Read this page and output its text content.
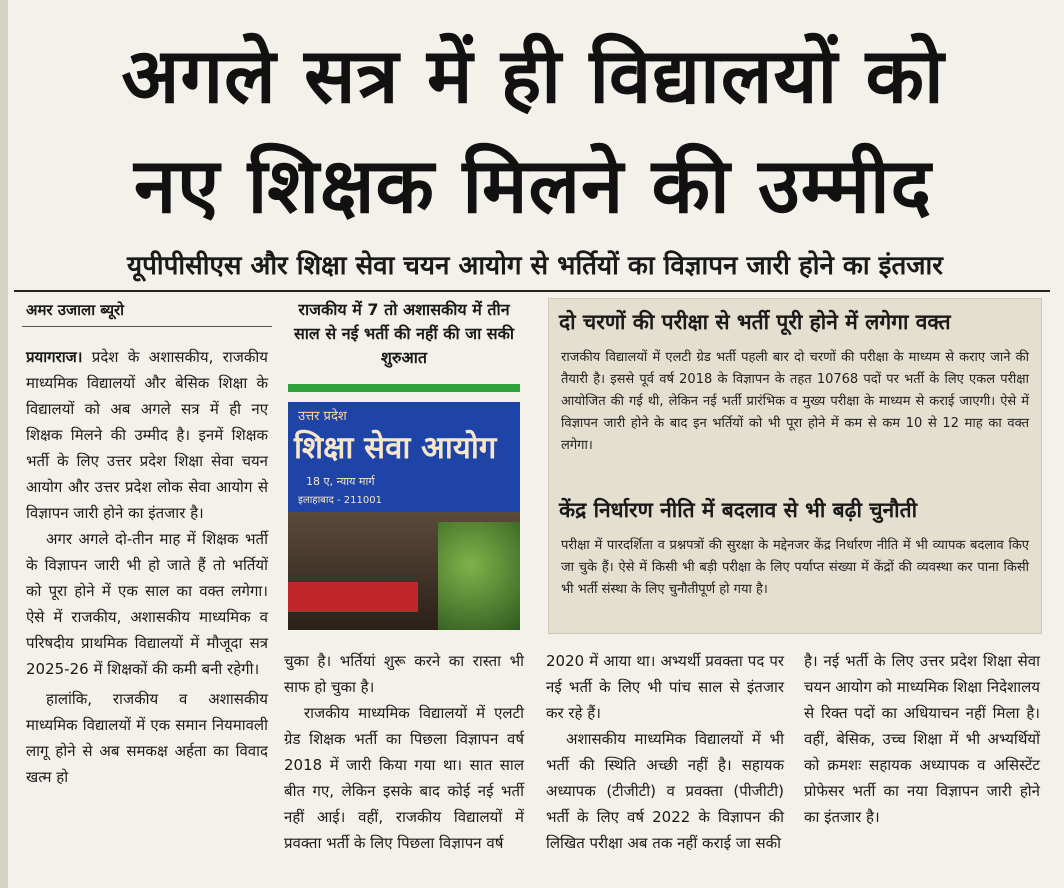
अगले सत्र में ही विद्यालयों को
नए शिक्षक मिलने की उम्मीद
यूपीपीसीएस और शिक्षा सेवा चयन आयोग से भर्तियों का विज्ञापन जारी होने का इंतजार
अमर उजाला ब्यूरो

प्रयागराज। प्रदेश के अशासकीय, राजकीय माध्यमिक विद्यालयों और बेसिक शिक्षा के विद्यालयों को अब अगले सत्र में ही नए शिक्षक मिलने की उम्मीद है। इनमें शिक्षक भर्ती के लिए उत्तर प्रदेश शिक्षा सेवा चयन आयोग और उत्तर प्रदेश लोक सेवा आयोग से विज्ञापन जारी होने का इंतजार है।

अगर अगले दो-तीन माह में शिक्षक भर्ती के विज्ञापन जारी भी हो जाते हैं तो भर्तियों को पूरा होने में एक साल का वक्त लगेगा। ऐसे में राजकीय, अशासकीय माध्यमिक व परिषदीय प्राथमिक विद्यालयों में मौजूदा सत्र 2025-26 में शिक्षकों की कमी बनी रहेगी।

हालांकि, राजकीय व अशासकीय माध्यमिक विद्यालयों में एक समान नियमावली लागू होने से अब समकक्ष अर्हता का विवाद खत्म हो

राजकीय में 7 तो अशासकीय में तीन साल से नई भर्ती की नहीं की जा सकी शुरुआत
उत्तर प्रदेश
शिक्षा सेवा आयोग
18 ए, न्याय मार्ग
इलाहाबाद - 211001
दो चरणों की परीक्षा से भर्ती पूरी होने में लगेगा वक्त
राजकीय विद्यालयों में एलटी ग्रेड भर्ती पहली बार दो चरणों की परीक्षा के माध्यम से कराए जाने की तैयारी है। इससे पूर्व वर्ष 2018 के विज्ञापन के तहत 10768 पदों पर भर्ती के लिए एकल परीक्षा आयोजित की गई थी, लेकिन नई भर्ती प्रारंभिक व मुख्य परीक्षा के माध्यम से कराई जाएगी। ऐसे में विज्ञापन जारी होने के बाद इन भर्तियों को भी पूरा होने में कम से कम 10 से 12 माह का वक्त लगेगा।
केंद्र निर्धारण नीति में बदलाव से भी बढ़ी चुनौती
परीक्षा में पारदर्शिता व प्रश्नपत्रों की सुरक्षा के मद्देनजर केंद्र निर्धारण नीति में भी व्यापक बदलाव किए जा चुके हैं। ऐसे में किसी भी बड़ी परीक्षा के लिए पर्याप्त संख्या में केंद्रों की व्यवस्था कर पाना किसी भी भर्ती संस्था के लिए चुनौतीपूर्ण हो गया है।

चुका है। भर्तियां शुरू करने का रास्ता भी साफ हो चुका है।

राजकीय माध्यमिक विद्यालयों में एलटी ग्रेड शिक्षक भर्ती का पिछला विज्ञापन वर्ष 2018 में जारी किया गया था। सात साल बीत गए, लेकिन इसके बाद कोई नई भर्ती नहीं आई। वहीं, राजकीय विद्यालयों में प्रवक्ता भर्ती के लिए पिछला विज्ञापन वर्ष

2020 में आया था। अभ्यर्थी प्रवक्ता पद पर नई भर्ती के लिए भी पांच साल से इंतजार कर रहे हैं।

अशासकीय माध्यमिक विद्यालयों में भी भर्ती की स्थिति अच्छी नहीं है। सहायक अध्यापक (टीजीटी) व प्रवक्ता (पीजीटी) भर्ती के लिए वर्ष 2022 के विज्ञापन की लिखित परीक्षा अब तक नहीं कराई जा सकी

है। नई भर्ती के लिए उत्तर प्रदेश शिक्षा सेवा चयन आयोग को माध्यमिक शिक्षा निदेशालय से रिक्त पदों का अधियाचन नहीं मिला है। वहीं, बेसिक, उच्च शिक्षा में भी अभ्यर्थियों को क्रमशः सहायक अध्यापक व असिस्टेंट प्रोफेसर भर्ती का नया विज्ञापन जारी होने का इंतजार है।
